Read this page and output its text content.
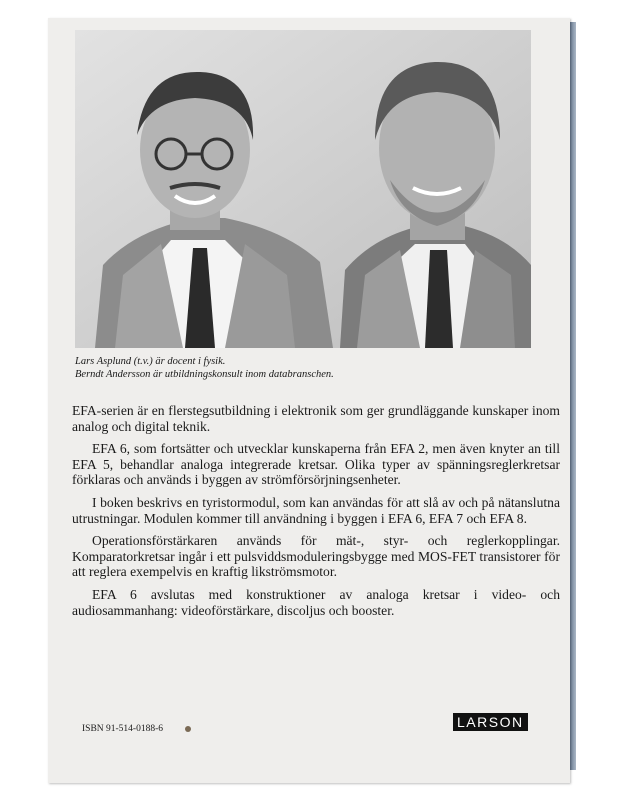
Lars Asplund (t.v.) är docent i fysik.
Berndt Andersson är utbildningskonsult inom databranschen.

EFA-serien är en flerstegsutbildning i elektronik som ger grundläggande kunskaper inom analog och digital teknik.

EFA 6, som fortsätter och utvecklar kunskaperna från EFA 2, men även knyter an till EFA 5, behandlar analoga integrerade kretsar. Olika typer av spänningsreglerkretsar förklaras och används i byggen av strömförsörjningsenheter.

I boken beskrivs en tyristormodul, som kan användas för att slå av och på nätanslutna utrustningar. Modulen kommer till användning i byggen i EFA 6, EFA 7 och EFA 8.

Operationsförstärkaren används för mät-, styr- och reglerkopplingar. Komparatorkretsar ingår i ett pulsviddsmoduleringsbygge med MOS-FET transistorer för att reglera exempelvis en kraftig likströmsmotor.

EFA 6 avslutas med konstruktioner av analoga kretsar i video- och audiosammanhang: videoförstärkare, discoljus och booster.

ISBN 91-514-0188-6	LARSON
